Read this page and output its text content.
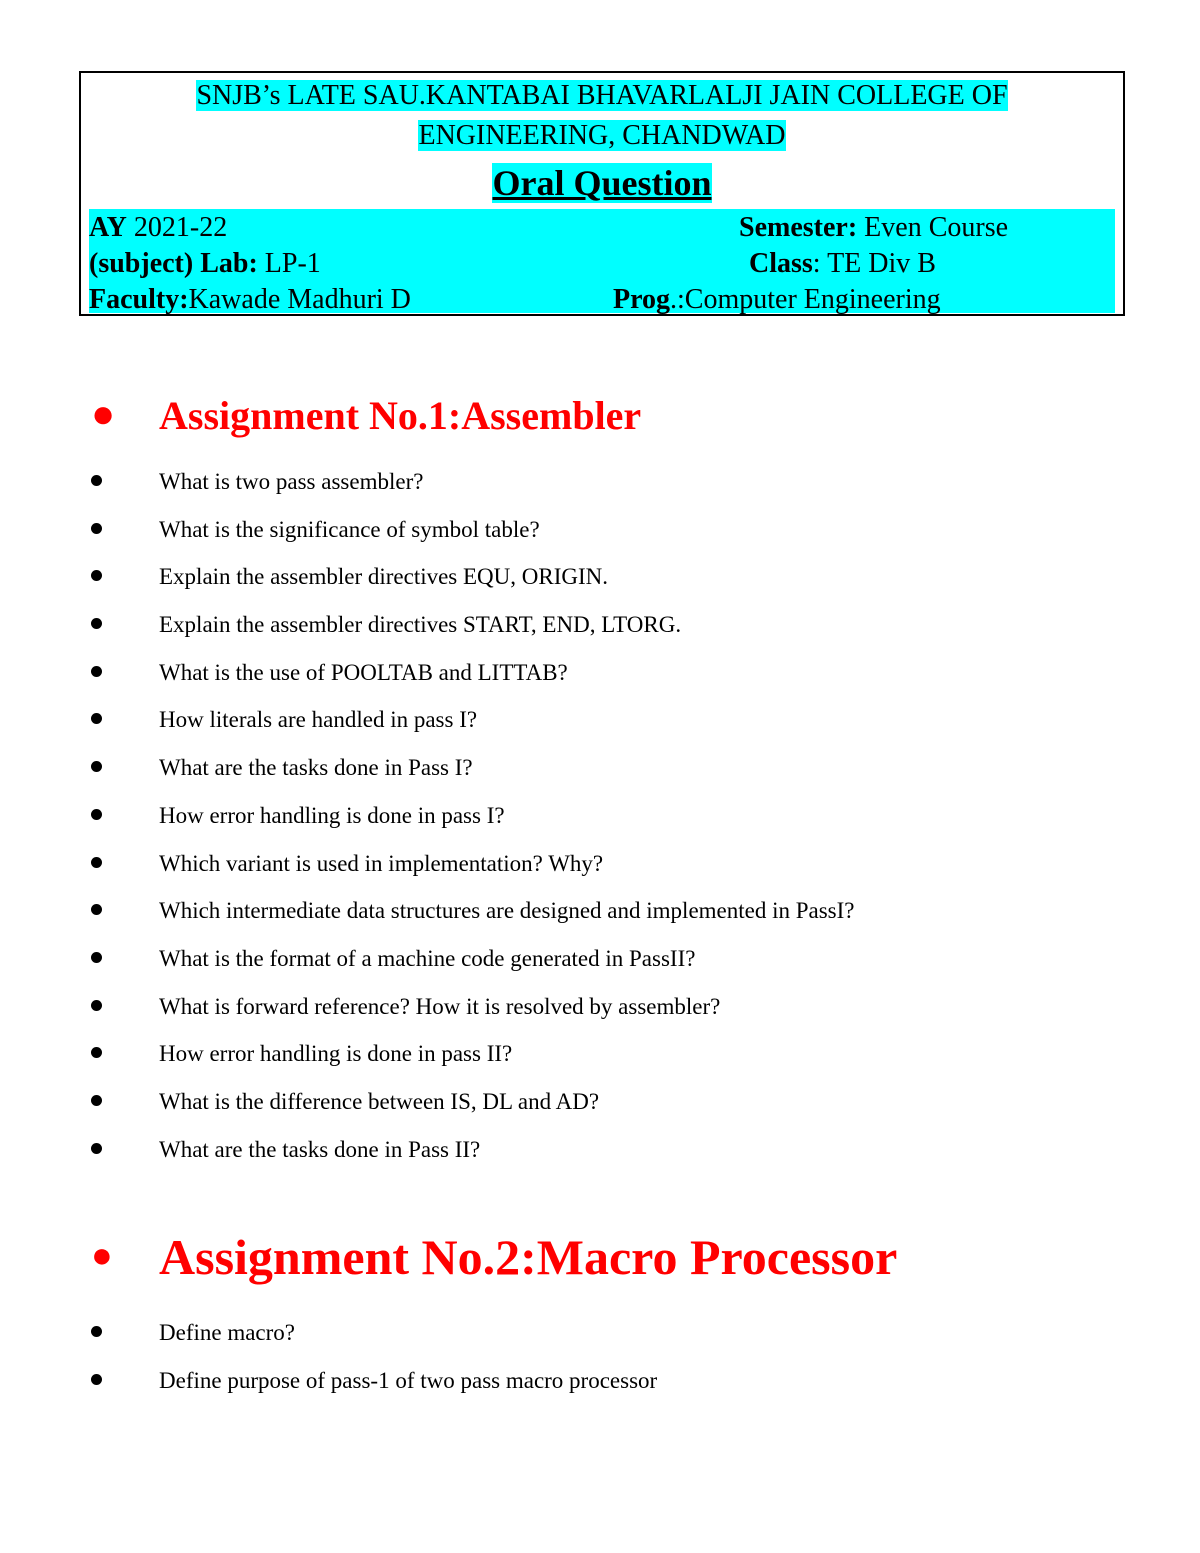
SNJB’s LATE SAU.KANTABAI BHAVARLALJI JAIN COLLEGE OF
ENGINEERING, CHANDWAD
Oral Question
AY 2021-22	Semester: Even Course
(subject) Lab: LP-1	Class: TE Div B
Faculty:Kawade Madhuri D	Prog.:Computer Engineering
● Assignment No.1:Assembler
What is two pass assembler?
What is the significance of symbol table?
Explain the assembler directives EQU, ORIGIN.
Explain the assembler directives START, END, LTORG.
What is the use of POOLTAB and LITTAB?
How literals are handled in pass I?
What are the tasks done in Pass I?
How error handling is done in pass I?
Which variant is used in implementation? Why?
Which intermediate data structures are designed and implemented in PassI?
What is the format of a machine code generated in PassII?
What is forward reference? How it is resolved by assembler?
How error handling is done in pass II?
What is the difference between IS, DL and AD?
What are the tasks done in Pass II?
● Assignment No.2:Macro Processor
Define macro?
Define purpose of pass-1 of two pass macro processor
